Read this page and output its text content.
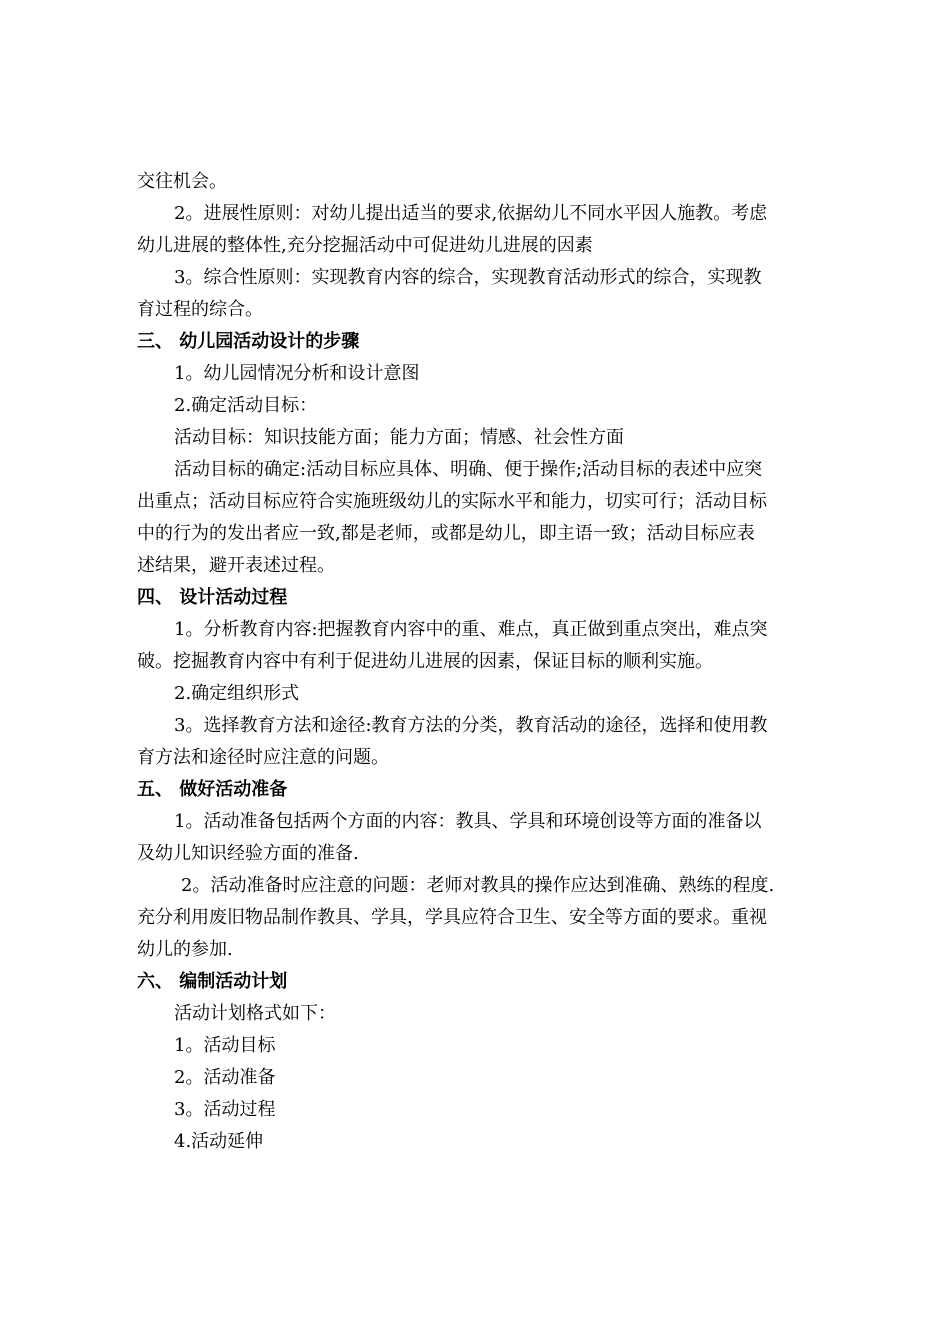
交往机会。
2。进展性原则：对幼儿提出适当的要求,依据幼儿不同水平因人施教。考虑
幼儿进展的整体性,充分挖掘活动中可促进幼儿进展的因素
3。综合性原则：实现教育内容的综合，实现教育活动形式的综合，实现教
育过程的综合。
三、 幼儿园活动设计的步骤
1。幼儿园情况分析和设计意图
2.确定活动目标：
活动目标：知识技能方面；能力方面；情感、社会性方面
活动目标的确定:活动目标应具体、明确、便于操作;活动目标的表述中应突
出重点；活动目标应符合实施班级幼儿的实际水平和能力，切实可行；活动目标
中的行为的发出者应一致,都是老师，或都是幼儿，即主语一致；活动目标应表
述结果，避开表述过程。
四、 设计活动过程
1。分析教育内容:把握教育内容中的重、难点，真正做到重点突出，难点突
破。挖掘教育内容中有利于促进幼儿进展的因素，保证目标的顺利实施。
2.确定组织形式
3。选择教育方法和途径:教育方法的分类，教育活动的途径，选择和使用教
育方法和途径时应注意的问题。
五、 做好活动准备
1。活动准备包括两个方面的内容：教具、学具和环境创设等方面的准备以
及幼儿知识经验方面的准备.
2。活动准备时应注意的问题：老师对教具的操作应达到准确、熟练的程度.
充分利用废旧物品制作教具、学具，学具应符合卫生、安全等方面的要求。重视
幼儿的参加.
六、 编制活动计划
活动计划格式如下：
1。活动目标
2。活动准备
3。活动过程
4.活动延伸
